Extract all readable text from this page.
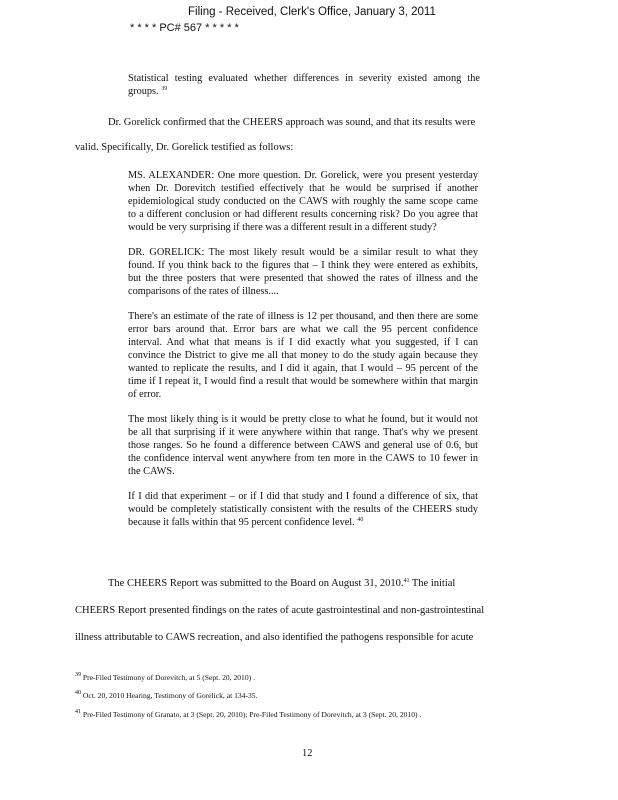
Filing - Received, Clerk's Office, January 3, 2011
* * * * PC# 567 * * * * *
Statistical testing evaluated whether differences in severity existed among the groups. $^{39}$
Dr. Gorelick confirmed that the CHEERS approach was sound, and that its results were
valid. Specifically, Dr. Gorelick testified as follows:

MS. ALEXANDER: One more question. Dr. Gorelick, were you present yesterday when Dr. Dorevitch testified effectively that he would be surprised if another epidemiological study conducted on the CAWS with roughly the same scope came to a different conclusion or had different results concerning risk? Do you agree that would be very surprising if there was a different result in a different study?

DR. GORELICK: The most likely result would be a similar result to what they found. If you think back to the figures that – I think they were entered as exhibits, but the three posters that were presented that showed the rates of illness and the comparisons of the rates of illness....

There's an estimate of the rate of illness is 12 per thousand, and then there are some error bars around that. Error bars are what we call the 95 percent confidence interval. And what that means is if I did exactly what you suggested, if I can convince the District to give me all that money to do the study again because they wanted to replicate the results, and I did it again, that I would – 95 percent of the time if I repeat it, I would find a result that would be somewhere within that margin of error.

The most likely thing is it would be pretty close to what he found, but it would not be all that surprising if it were anywhere within that range. That's why we present those ranges. So he found a difference between CAWS and general use of 0.6, but the confidence interval went anywhere from ten more in the CAWS to 10 fewer in the CAWS.

If I did that experiment – or if I did that study and I found a difference of six, that would be completely statistically consistent with the results of the CHEERS study because it falls within that 95 percent confidence level. $^{40}$

The CHEERS Report was submitted to the Board on August 31, 2010.41 The initial
CHEERS Report presented findings on the rates of acute gastrointestinal and non-gastrointestinal
illness attributable to CAWS recreation, and also identified the pathogens responsible for acute
$^{39}$ Pre-Filed Testimony of Dorevitch, at 5 (Sept. 20, 2010) .
$^{40}$ Oct. 20, 2010 Hearing, Testimony of Gorelick, at 134-35.
$^{41}$ Pre-Filed Testimony of Granato, at 3 (Sept. 20, 2010); Pre-Filed Testimony of Dorevitch, at 3 (Sept. 20, 2010) .
12
